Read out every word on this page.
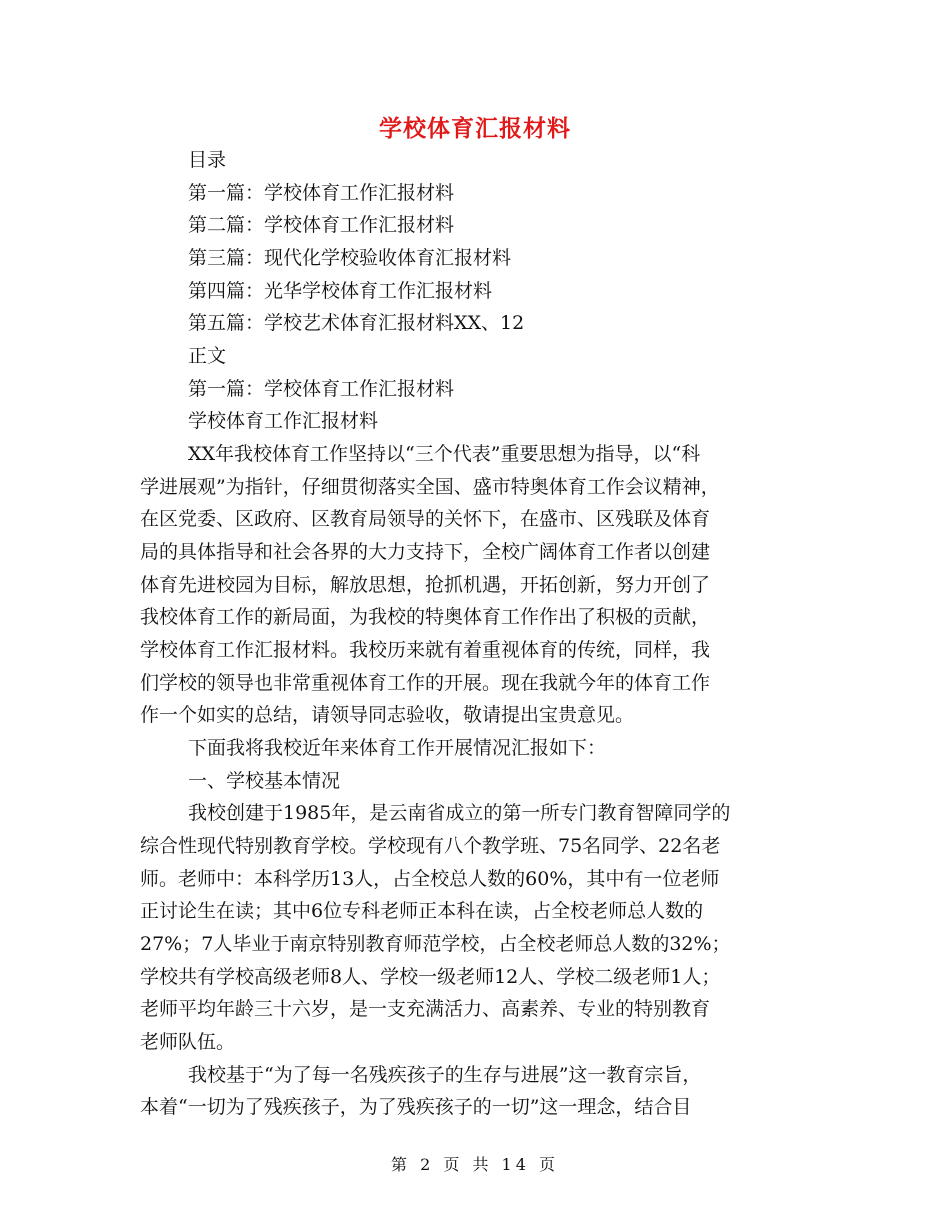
学校体育汇报材料
目录
第一篇：学校体育工作汇报材料
第二篇：学校体育工作汇报材料
第三篇：现代化学校验收体育汇报材料
第四篇：光华学校体育工作汇报材料
第五篇：学校艺术体育汇报材料XX、12
正文
第一篇：学校体育工作汇报材料
学校体育工作汇报材料
XX年我校体育工作坚持以“三个代表”重要思想为指导，以“科
学进展观”为指针，仔细贯彻落实全国、盛市特奥体育工作会议精神，
在区党委、区政府、区教育局领导的关怀下，在盛市、区残联及体育
局的具体指导和社会各界的大力支持下，全校广阔体育工作者以创建
体育先进校园为目标，解放思想，抢抓机遇，开拓创新，努力开创了
我校体育工作的新局面，为我校的特奥体育工作作出了积极的贡献，
学校体育工作汇报材料。我校历来就有着重视体育的传统，同样，我
们学校的领导也非常重视体育工作的开展。现在我就今年的体育工作
作一个如实的总结，请领导同志验收，敬请提出宝贵意见。
下面我将我校近年来体育工作开展情况汇报如下：
一、学校基本情况
我校创建于1985年，是云南省成立的第一所专门教育智障同学的
综合性现代特别教育学校。学校现有八个教学班、75名同学、22名老
师。老师中：本科学历13人，占全校总人数的60%，其中有一位老师
正讨论生在读；其中6位专科老师正本科在读，占全校老师总人数的
27%；7人毕业于南京特别教育师范学校，占全校老师总人数的32%；
学校共有学校高级老师8人、学校一级老师12人、学校二级老师1人；
老师平均年龄三十六岁，是一支充满活力、高素养、专业的特别教育
老师队伍。
我校基于“为了每一名残疾孩子的生存与进展”这一教育宗旨，
本着“一切为了残疾孩子，为了残疾孩子的一切”这一理念，结合目
第 2 页 共 14 页
